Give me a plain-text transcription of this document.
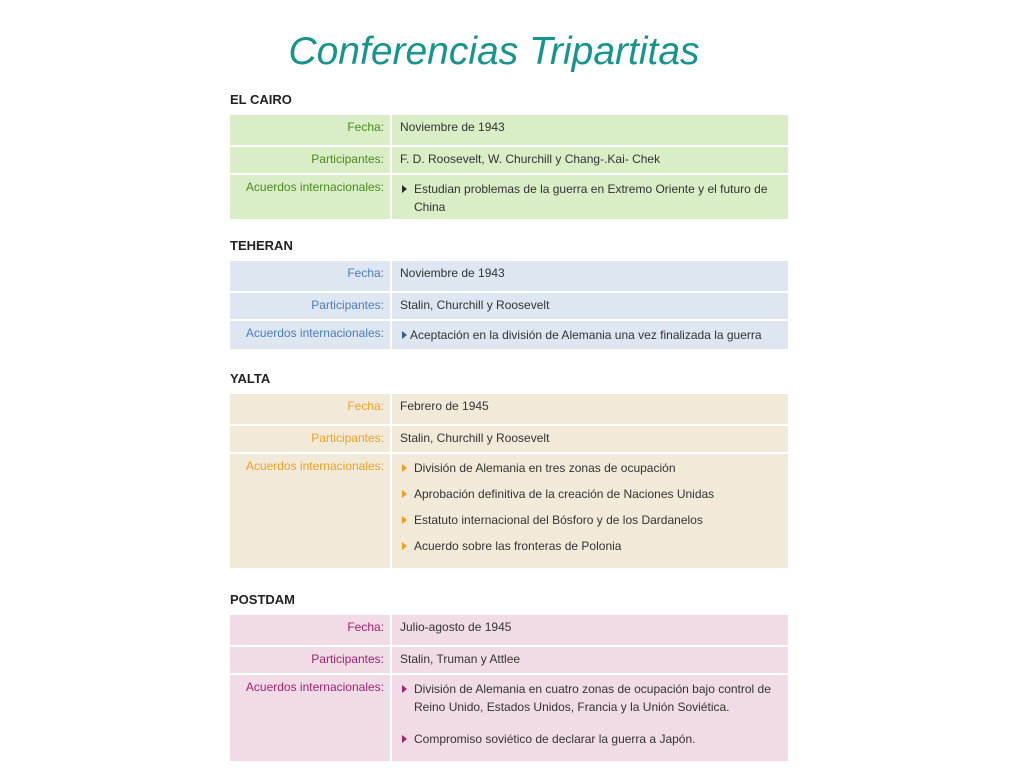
Conferencias Tripartitas
EL CAIRO
Fecha:	Noviembre de 1943
Participantes:	F. D. Roosevelt, W. Churchill y Chang-.Kai- Chek
Acuerdos internacionales:	Estudian problemas de la guerra en Extremo Oriente y el futuro de China
TEHERAN
Fecha:	Noviembre de 1943
Participantes:	Stalin, Churchill y Roosevelt
Acuerdos internacionales:	Aceptación en la división de Alemania una vez finalizada la guerra
YALTA
Fecha:	Febrero de 1945
Participantes:	Stalin, Churchill y Roosevelt
Acuerdos internacionales:	División de Alemania en tres zonas de ocupación
Aprobación definitiva de la creación de Naciones Unidas
Estatuto internacional del Bósforo y de los Dardanelos
Acuerdo sobre las fronteras de Polonia
POSTDAM
Fecha:	Julio-agosto de 1945
Participantes:	Stalin, Truman y Attlee
Acuerdos internacionales:	División de Alemania en cuatro zonas de ocupación bajo control de Reino Unido, Estados Unidos, Francia y la Unión Soviética.
Compromiso soviético de declarar la guerra a Japón.
